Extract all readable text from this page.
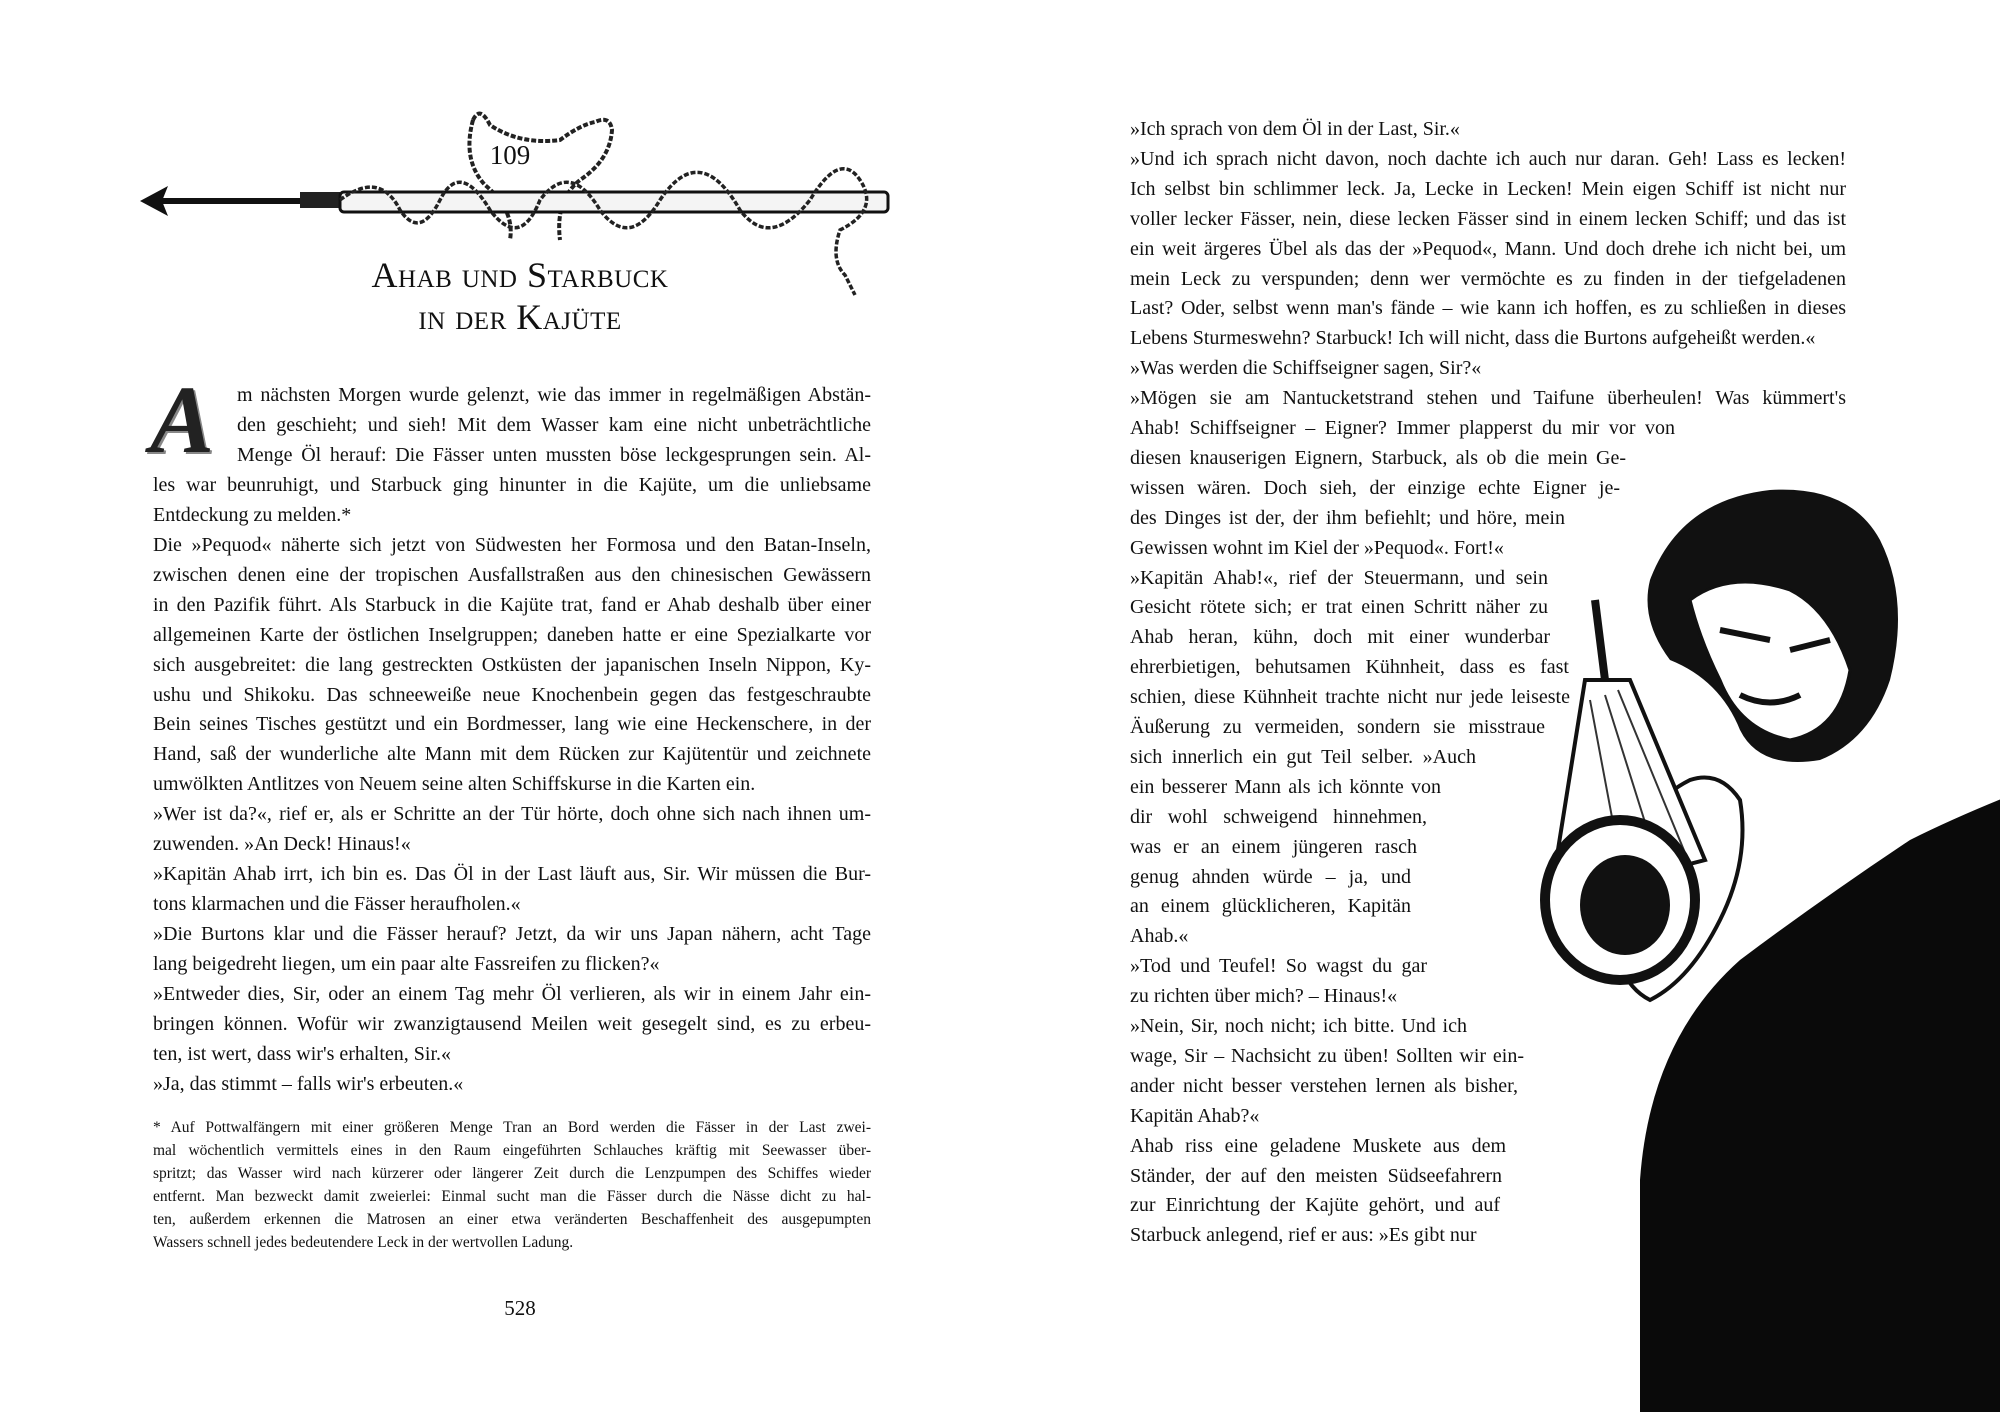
109
Ahab und Starbuck
in der Kajüte
A m nächsten Morgen wurde gelenzt, wie das immer in regelmäßigen Abstän-
den geschieht; und sieh! Mit dem Wasser kam eine nicht unbeträchtliche
Menge Öl herauf: Die Fässer unten mussten böse leckgesprungen sein. Al-
les war beunruhigt, und Starbuck ging hinunter in die Kajüte, um die unliebsame
Entdeckung zu melden.*
Die »Pequod« näherte sich jetzt von Südwesten her Formosa und den Batan-Inseln,
zwischen denen eine der tropischen Ausfallstraßen aus den chinesischen Gewässern
in den Pazifik führt. Als Starbuck in die Kajüte trat, fand er Ahab deshalb über einer
allgemeinen Karte der östlichen Inselgruppen; daneben hatte er eine Spezialkarte vor
sich ausgebreitet: die lang gestreckten Ostküsten der japanischen Inseln Nippon, Ky-
ushu und Shikoku. Das schneeweiße neue Knochenbein gegen das festgeschraubte
Bein seines Tisches gestützt und ein Bordmesser, lang wie eine Heckenschere, in der
Hand, saß der wunderliche alte Mann mit dem Rücken zur Kajütentür und zeichnete
umwölkten Antlitzes von Neuem seine alten Schiffskurse in die Karten ein.
»Wer ist da?«, rief er, als er Schritte an der Tür hörte, doch ohne sich nach ihnen um-
zuwenden. »An Deck! Hinaus!«
»Kapitän Ahab irrt, ich bin es. Das Öl in der Last läuft aus, Sir. Wir müssen die Bur-
tons klarmachen und die Fässer heraufholen.«
»Die Burtons klar und die Fässer herauf? Jetzt, da wir uns Japan nähern, acht Tage
lang beigedreht liegen, um ein paar alte Fassreifen zu flicken?«
»Entweder dies, Sir, oder an einem Tag mehr Öl verlieren, als wir in einem Jahr ein-
bringen können. Wofür wir zwanzigtausend Meilen weit gesegelt sind, es zu erbeu-
ten, ist wert, dass wir's erhalten, Sir.«
»Ja, das stimmt – falls wir's erbeuten.«
* Auf Pottwalfängern mit einer größeren Menge Tran an Bord werden die Fässer in der Last zwei-
mal wöchentlich vermittels eines in den Raum eingeführten Schlauches kräftig mit Seewasser über-
spritzt; das Wasser wird nach kürzerer oder längerer Zeit durch die Lenzpumpen des Schiffes wieder
entfernt. Man bezweckt damit zweierlei: Einmal sucht man die Fässer durch die Nässe dicht zu hal-
ten, außerdem erkennen die Matrosen an einer etwa veränderten Beschaffenheit des ausgepumpten
Wassers schnell jedes bedeutendere Leck in der wertvollen Ladung.
528
»Ich sprach von dem Öl in der Last, Sir.«
»Und ich sprach nicht davon, noch dachte ich auch nur daran. Geh! Lass es lecken!
Ich selbst bin schlimmer leck. Ja, Lecke in Lecken! Mein eigen Schiff ist nicht nur
voller lecker Fässer, nein, diese lecken Fässer sind in einem lecken Schiff; und das ist
ein weit ärgeres Übel als das der »Pequod«, Mann. Und doch drehe ich nicht bei, um
mein Leck zu verspunden; denn wer vermöchte es zu finden in der tiefgeladenen
Last? Oder, selbst wenn man's fände – wie kann ich hoffen, es zu schließen in dieses
Lebens Sturmeswehn? Starbuck! Ich will nicht, dass die Burtons aufgeheißt werden.«
»Was werden die Schiffseigner sagen, Sir?«
»Mögen sie am Nantucketstrand stehen und Taifune überheulen! Was kümmert's
Ahab! Schiffseigner – Eigner? Immer plapperst du mir vor von
diesen knauserigen Eignern, Starbuck, als ob die mein Ge-
wissen wären. Doch sieh, der einzige echte Eigner je-
des Dinges ist der, der ihm befiehlt; und höre, mein
Gewissen wohnt im Kiel der »Pequod«. Fort!«
»Kapitän Ahab!«, rief der Steuermann, und sein
Gesicht rötete sich; er trat einen Schritt näher zu
Ahab heran, kühn, doch mit einer wunderbar
ehrerbietigen, behutsamen Kühnheit, dass es fast
schien, diese Kühnheit trachte nicht nur jede leiseste
Äußerung zu vermeiden, sondern sie misstraue
sich innerlich ein gut Teil selber. »Auch
ein besserer Mann als ich könnte von
dir wohl schweigend hinnehmen,
was er an einem jüngeren rasch
genug ahnden würde – ja, und
an einem glücklicheren, Kapitän
Ahab.«
»Tod und Teufel! So wagst du gar
zu richten über mich? – Hinaus!«
»Nein, Sir, noch nicht; ich bitte. Und ich
wage, Sir – Nachsicht zu üben! Sollten wir ein-
ander nicht besser verstehen lernen als bisher,
Kapitän Ahab?«
Ahab riss eine geladene Muskete aus dem
Ständer, der auf den meisten Südseefahrern
zur Einrichtung der Kajüte gehört, und auf
Starbuck anlegend, rief er aus: »Es gibt nur
